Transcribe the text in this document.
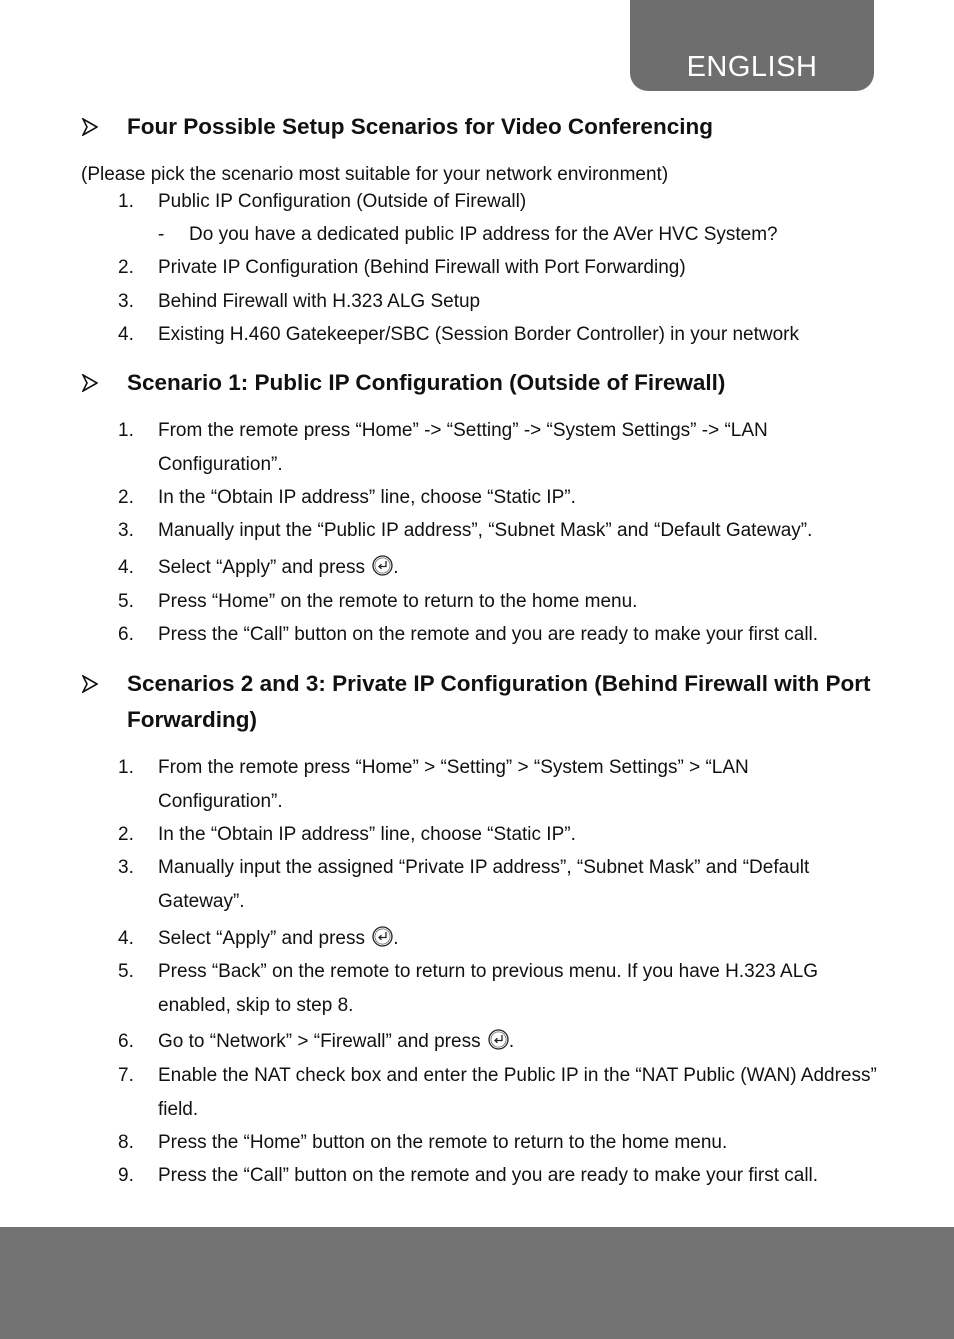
ENGLISH
Four Possible Setup Scenarios for Video Conferencing
(Please pick the scenario most suitable for your network environment)
1. Public IP Configuration (Outside of Firewall)
- Do you have a dedicated public IP address for the AVer HVC System?
2. Private IP Configuration (Behind Firewall with Port Forwarding)
3. Behind Firewall with H.323 ALG Setup
4. Existing H.460 Gatekeeper/SBC (Session Border Controller) in your network
Scenario 1: Public IP Configuration (Outside of Firewall)
1. From the remote press “Home” -> “Setting” -> “System Settings” -> “LAN Configuration”.
2. In the “Obtain IP address” line, choose “Static IP”.
3. Manually input the “Public IP address”, “Subnet Mask” and “Default Gateway”.
4. Select “Apply” and press .
5. Press “Home” on the remote to return to the home menu.
6. Press the “Call” button on the remote and you are ready to make your first call.
Scenarios 2 and 3: Private IP Configuration (Behind Firewall with Port Forwarding)
1. From the remote press “Home” > “Setting” > “System Settings” > “LAN Configuration”.
2. In the “Obtain IP address” line, choose “Static IP”.
3. Manually input the assigned “Private IP address”, “Subnet Mask” and “Default Gateway”.
4. Select “Apply” and press .
5. Press “Back” on the remote to return to previous menu. If you have H.323 ALG enabled, skip to step 8.
6. Go to “Network” > “Firewall” and press .
7. Enable the NAT check box and enter the Public IP in the “NAT Public (WAN) Address” field.
8. Press the “Home” button on the remote to return to the home menu.
9. Press the “Call” button on the remote and you are ready to make your first call.
